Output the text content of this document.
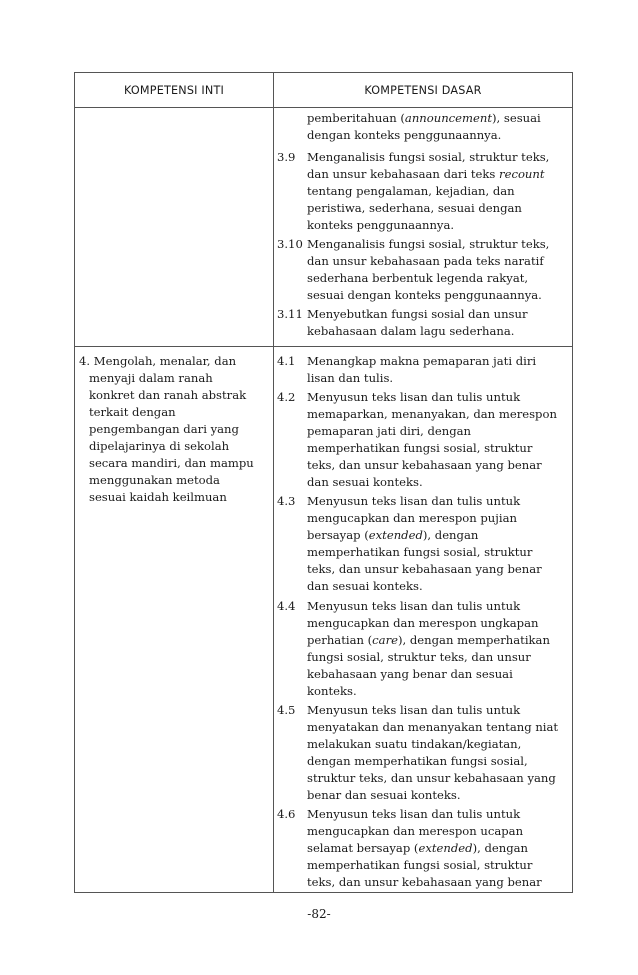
KOMPETENSI INTI	KOMPETENSI DASAR
pemberitahuan (announcement), sesuai
dengan konteks penggunaannya.
3.9 Menganalisis fungsi sosial, struktur teks,
dan unsur kebahasaan dari teks recount
tentang pengalaman, kejadian, dan
peristiwa, sederhana, sesuai dengan
konteks penggunaannya.
3.10 Menganalisis fungsi sosial, struktur teks,
dan unsur kebahasaan pada teks naratif
sederhana berbentuk legenda rakyat,
sesuai dengan konteks penggunaannya.
3.11 Menyebutkan fungsi sosial dan unsur
kebahasaan dalam lagu sederhana.
4. Mengolah, menalar, dan
menyaji dalam ranah
konkret dan ranah abstrak
terkait dengan
pengembangan dari yang
dipelajarinya di sekolah
secara mandiri, dan mampu
menggunakan metoda
sesuai kaidah keilmuan
4.1 Menangkap makna pemaparan jati diri
lisan dan tulis.
4.2 Menyusun teks lisan dan tulis untuk
memaparkan, menanyakan, dan merespon
pemaparan jati diri, dengan
memperhatikan fungsi sosial, struktur
teks, dan unsur kebahasaan yang benar
dan sesuai konteks.
4.3 Menyusun teks lisan dan tulis untuk
mengucapkan dan merespon pujian
bersayap (extended), dengan
memperhatikan fungsi sosial, struktur
teks, dan unsur kebahasaan yang benar
dan sesuai konteks.
4.4 Menyusun teks lisan dan tulis untuk
mengucapkan dan merespon ungkapan
perhatian (care), dengan memperhatikan
fungsi sosial, struktur teks, dan unsur
kebahasaan yang benar dan sesuai
konteks.
4.5 Menyusun teks lisan dan tulis untuk
menyatakan dan menanyakan tentang niat
melakukan suatu tindakan/kegiatan,
dengan memperhatikan fungsi sosial,
struktur teks, dan unsur kebahasaan yang
benar dan sesuai konteks.
4.6 Menyusun teks lisan dan tulis untuk
mengucapkan dan merespon ucapan
selamat bersayap (extended), dengan
memperhatikan fungsi sosial, struktur
teks, dan unsur kebahasaan yang benar
-82-
